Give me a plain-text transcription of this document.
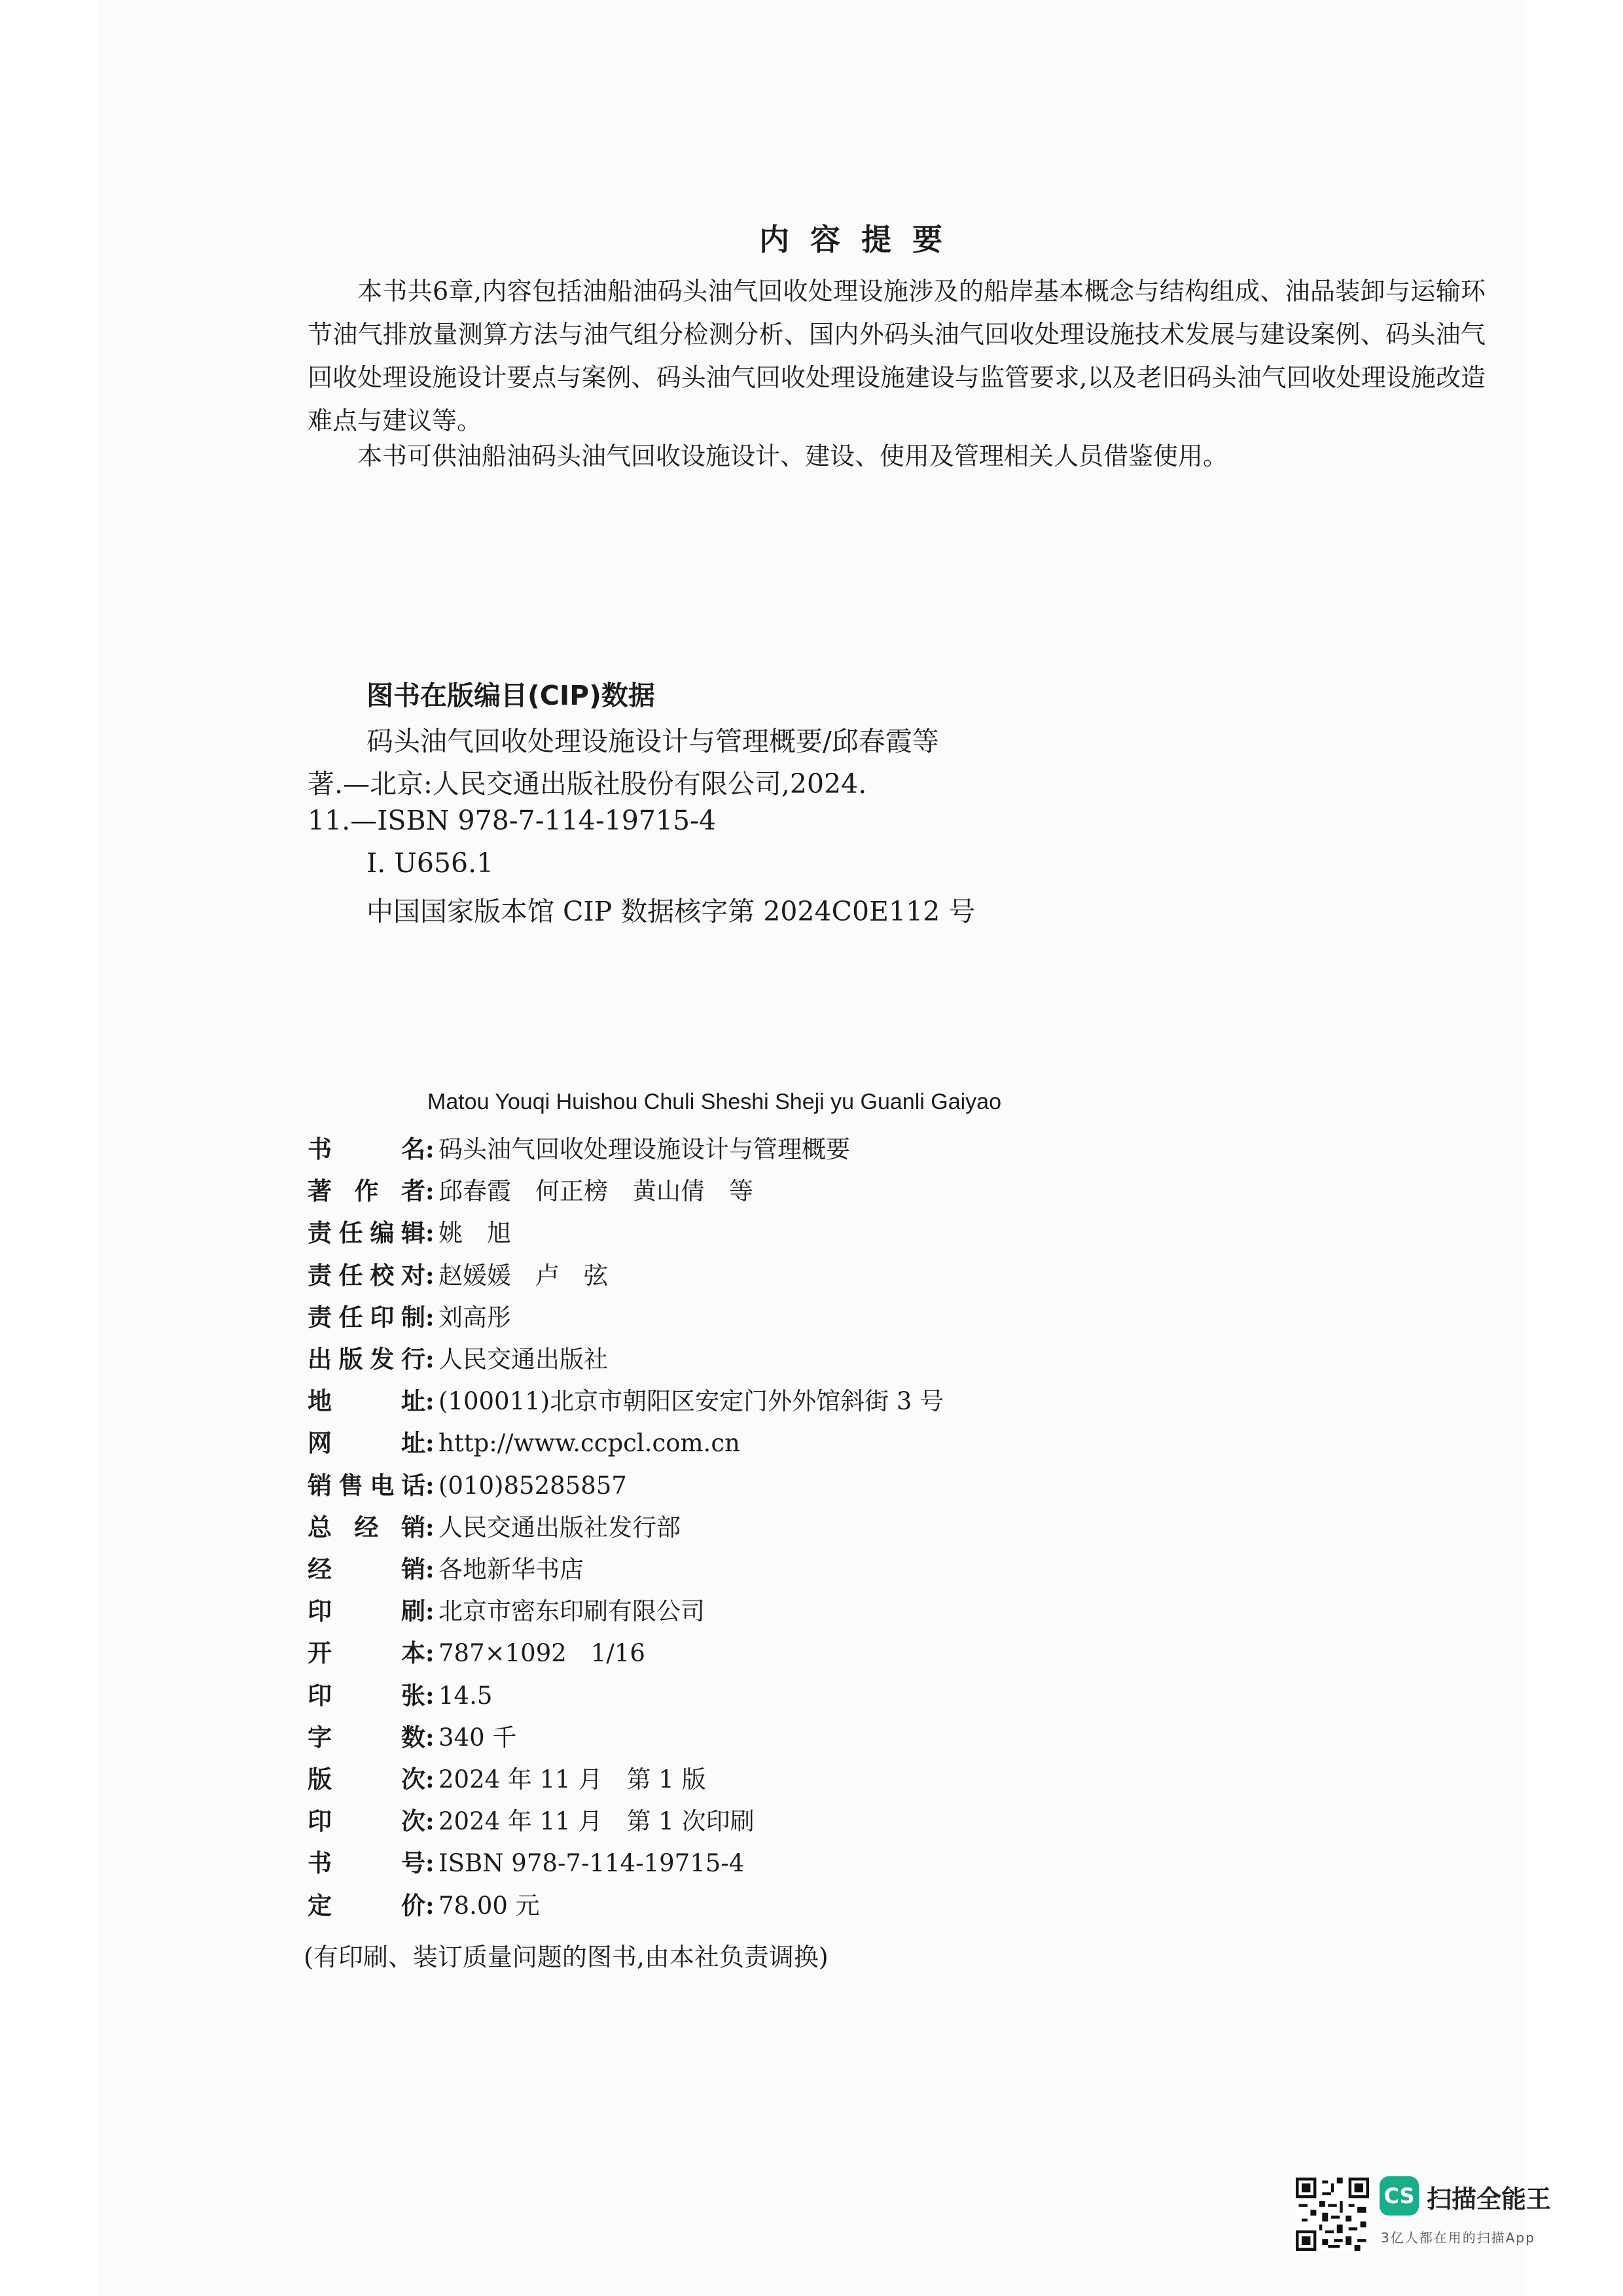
内容提要

本书共6章,内容包括油船油码头油气回收处理设施涉及的船岸基本概念与结构组成、油品装卸与运输环节油气排放量测算方法与油气组分检测分析、国内外码头油气回收处理设施技术发展与建设案例、码头油气回收处理设施设计要点与案例、码头油气回收处理设施建设与监管要求,以及老旧码头油气回收处理设施改造难点与建议等。

本书可供油船油码头油气回收设施设计、建设、使用及管理相关人员借鉴使用。

图书在版编目(CIP)数据
码头油气回收处理设施设计与管理概要/邱春霞等
著.—北京:人民交通出版社股份有限公司,2024.
11.—ISBN 978-7-114-19715-4
Ⅰ. U656.1
中国国家版本馆 CIP 数据核字第 2024C0E112 号
Matou Youqi Huishou Chuli Sheshi Sheji yu Guanli Gaiyao
书名: 码头油气回收处理设施设计与管理概要
著作者: 邱春霞　何正榜　黄山倩　等
责任编辑: 姚　旭
责任校对: 赵媛媛　卢　弦
责任印制: 刘高彤
出版发行: 人民交通出版社
地址: (100011)北京市朝阳区安定门外外馆斜街 3 号
网址: http://www.ccpcl.com.cn
销售电话: (010)85285857
总经销: 人民交通出版社发行部
经销: 各地新华书店
印刷: 北京市密东印刷有限公司
开本: 787×1092　1/16
印张: 14.5
字数: 340 千
版次: 2024 年 11 月　第 1 版
印次: 2024 年 11 月　第 1 次印刷
书号: ISBN 978-7-114-19715-4
定价: 78.00 元
(有印刷、装订质量问题的图书,由本社负责调换)
CS 扫描全能王
3亿人都在用的扫描App
